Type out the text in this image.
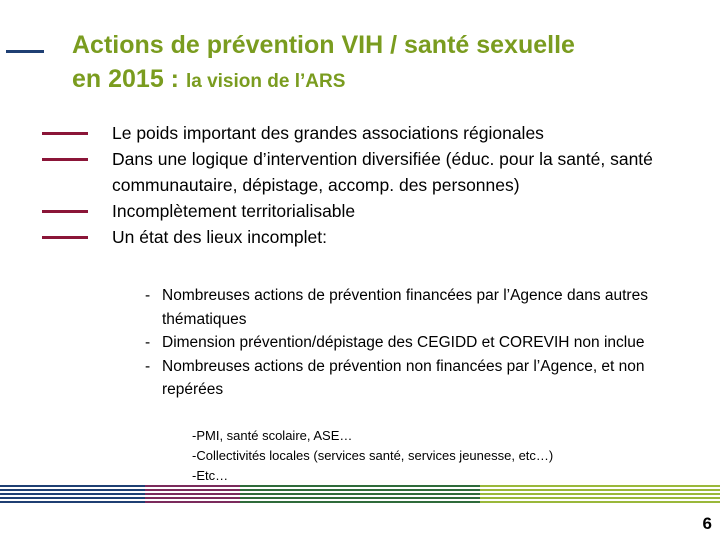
Actions de prévention VIH / santé sexuelle
en 2015 : la vision de l’ARS
Le poids important des grandes associations régionales
Dans une logique d’intervention diversifiée (éduc. pour la santé, santé communautaire, dépistage, accomp. des personnes)
Incomplètement territorialisable
Un état des lieux incomplet:
- Nombreuses actions de prévention financées par l’Agence dans autres thématiques
- Dimension prévention/dépistage des CEGIDD et COREVIH non inclue
- Nombreuses actions de prévention non financées par l’Agence, et non repérées
-PMI, santé scolaire, ASE…
-Collectivités locales (services santé, services jeunesse, etc…)
-Etc…
6
